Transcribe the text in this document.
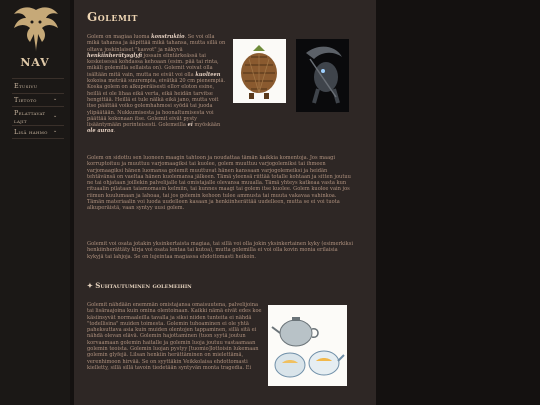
NAV
Etusivu
Tietoto	⌄
Pelattavat lajit
⌄
Lisä hahmo ⌄
Golemit
Golem on magiaa luoma konstruktio. Se voi olla mikä tahansa ja ääpittää mikä tahansa, mutta sillä on oltava joskinlaiset "kasvot" ja näkyvä henkiinherätysglyfi jossain elintärkeässä tai keskeisessä kohdassa kehoaan (esim. pää tai rinta, mikäli golemilla sellaista on). Golemit voivat olla isältään mitä vain, mutta ne eivät voi olla kuolteen kokoisa meträä suurempia, eivätkä 20 cm pienempiä. Koska golem on alkuperäisesti elloт eloton esine, heillä ei ole lihaa eikä verta, eikä heidän tarvitse hengittää. Heillä ei tule nälkä eikä jano, mutta voit itse päättää voiko golemhahmosi syödä tai juoda ylipäätään. Nukkumisesta ja hoonaltumisesta voi päättää kokonaan itse. Golemit eivät pysty lisääntymään perinteisesti. Golemeilla ei myöskään ole auraa.
Golem on sidottu sen luoneen maagin tahtoon ja noudattaa tämän kaikkia komentoja. Jos maagi korruptoituu ja muuttuu varjomaagiksi tai kuolee, golem muuttuu varjogolemiksi tai ihmeen varjomaagiksi hänen luomansa golemit muuttuvat hänen kanssaan varjogolemeiksi ja heidän tehtävänsä on vaeltaa hänen kuolemansa jälkeen. Tämä yleensä riittää totalle kohtaan ja sitten joutuu ne tai ohjataan joillekin palvelijalle tai omistajalle olevansa muualla. Tämä yhteys katkeaa vasta kun rituaalin pilataan taiamomasin kelmiin, tai kunnes maagi tai golem itse kuolee. Golem kuolee vain jos riimun kuulumaan ja lahoaa, tai jos golemin kehoon tulee ammusta tai muuta vakavaa vahinkoa. Tämän materiaalin voi luoda uudelleen kasaan ja henkiinherättää uudelleen, mutta se ei voi tuota alkuperäistä, vaan syntyy uusi golem.
Golemit voi osata jotakin yksinkertaista magiaa, tai sillä voi olla jokin yksinkertainen kyky (esimerkiksi henkiinherättäty kirja voi osata lentaa tai kutoa), mutta golemilla ei voi olla kovin monia erilaisia kykyjä tai lahjoja. Se on lujeintaa magiassa ehdottomasti heikoin.
✦ Suhtautuminen golemeihin
Golemit nähdään enemmän omistajansa omaisuutena, palvelijoina tai lisäraajoina kuin omina olentoinaan. Kaikki nämä eivät edes koe käsiinsyvät normaaleilla tavalla ja siksi niiden tunteita ei nähdä "todellisina" muiden toimesta. Golemin tuhoaminen ei ole yhtä paheksuttava asia kuin muiden olentojen tappaminen, sillä sitä ei nähdä olevan elävä. Golemin hajottaminen (tuon syytä joutun korvaamaan golemin haitalle ja golemin luoja joutuu vastaamaan golemin teoista. Golemin luojan pystyy [tuomio]lottoisin lukemaan golemin glyfejä. Lilsan henkiin herättäminen on mielettämä, verenhimoon hirvää. Se on syyttäkin Veikkolaisa ehdottomasti kielletty, sillä sillä tavoin tiedetään syntyvän monta tragedia. Ei
